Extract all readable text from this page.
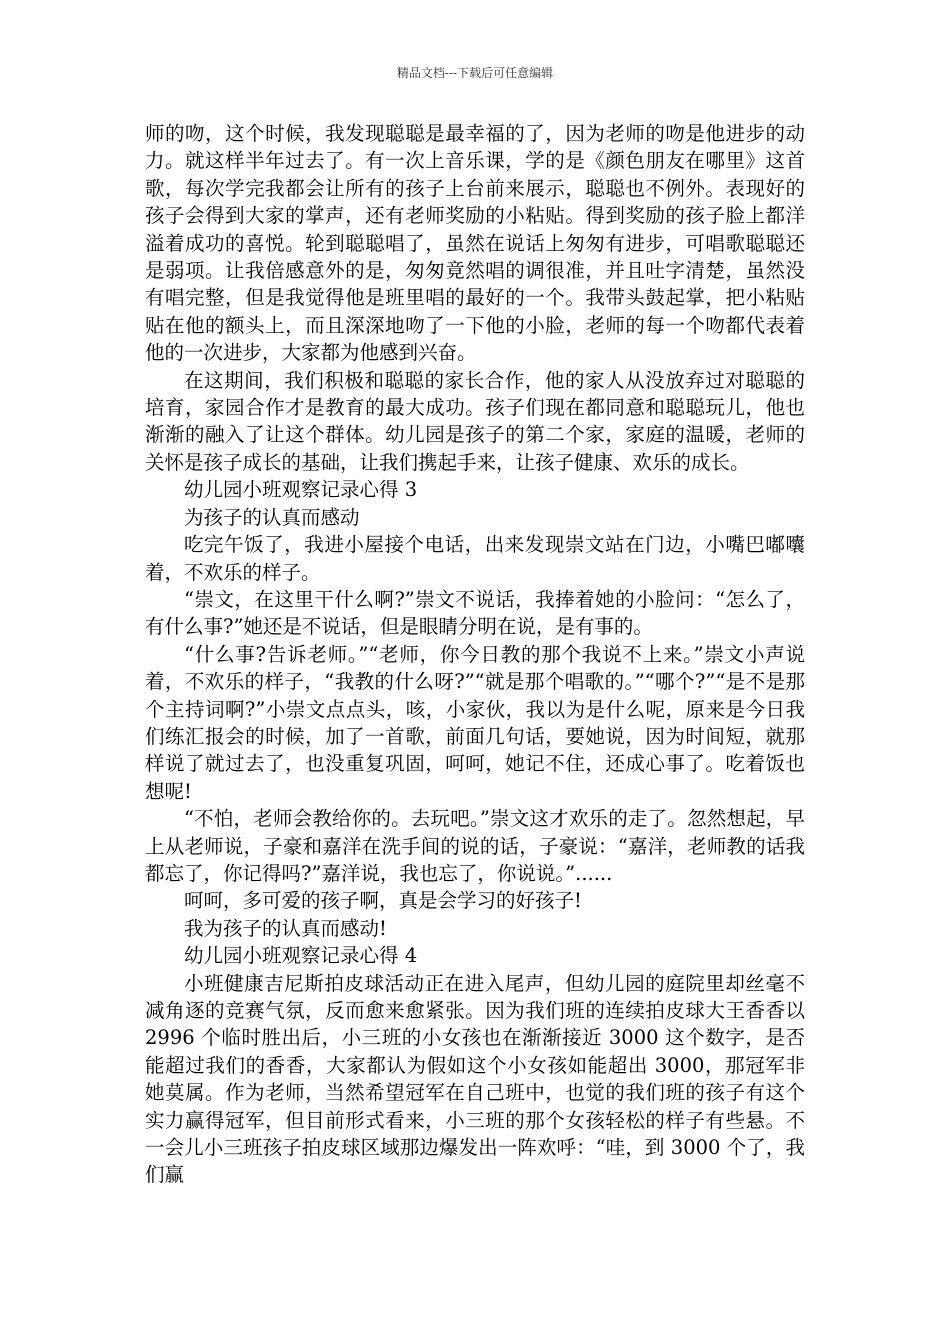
精品文档---下载后可任意编辑

师的吻，这个时候，我发现聪聪是最幸福的了，因为老师的吻是他进步的动力。就这样半年过去了。有一次上音乐课，学的是《颜色朋友在哪里》这首歌，每次学完我都会让所有的孩子上台前来展示，聪聪也不例外。表现好的孩子会得到大家的掌声，还有老师奖励的小粘贴。得到奖励的孩子脸上都洋溢着成功的喜悦。轮到聪聪唱了，虽然在说话上匆匆有进步，可唱歌聪聪还是弱项。让我倍感意外的是，匆匆竟然唱的调很准，并且吐字清楚，虽然没有唱完整，但是我觉得他是班里唱的最好的一个。我带头鼓起掌，把小粘贴贴在他的额头上，而且深深地吻了一下他的小脸，老师的每一个吻都代表着他的一次进步，大家都为他感到兴奋。

在这期间，我们积极和聪聪的家长合作，他的家人从没放弃过对聪聪的培育，家园合作才是教育的最大成功。孩子们现在都同意和聪聪玩儿，他也渐渐的融入了让这个群体。幼儿园是孩子的第二个家，家庭的温暖，老师的关怀是孩子成长的基础，让我们携起手来，让孩子健康、欢乐的成长。

幼儿园小班观察记录心得 3

为孩子的认真而感动

吃完午饭了，我进小屋接个电话，出来发现崇文站在门边，小嘴巴嘟囔着，不欢乐的样子。

“崇文，在这里干什么啊?”崇文不说话，我捧着她的小脸问：“怎么了，有什么事?”她还是不说话，但是眼睛分明在说，是有事的。

“什么事?告诉老师。”“老师，你今日教的那个我说不上来。”崇文小声说着，不欢乐的样子，“我教的什么呀?”“就是那个唱歌的。”“哪个?”“是不是那个主持词啊?”小崇文点点头，咳，小家伙，我以为是什么呢，原来是今日我们练汇报会的时候，加了一首歌，前面几句话，要她说，因为时间短，就那样说了就过去了，也没重复巩固，呵呵，她记不住，还成心事了。吃着饭也想呢!

“不怕，老师会教给你的。去玩吧。”崇文这才欢乐的走了。忽然想起，早上从老师说，子豪和嘉洋在洗手间的说的话，子豪说：“嘉洋，老师教的话我都忘了，你记得吗?”嘉洋说，我也忘了，你说说。”......

呵呵，多可爱的孩子啊，真是会学习的好孩子!

我为孩子的认真而感动!

幼儿园小班观察记录心得 4

小班健康吉尼斯拍皮球活动正在进入尾声，但幼儿园的庭院里却丝毫不减角逐的竞赛气氛，反而愈来愈紧张。因为我们班的连续拍皮球大王香香以 2996 个临时胜出后，小三班的小女孩也在渐渐接近 3000 这个数字，是否能超过我们的香香，大家都认为假如这个小女孩如能超出 3000，那冠军非她莫属。作为老师，当然希望冠军在自己班中，也觉的我们班的孩子有这个实力赢得冠军，但目前形式看来，小三班的那个女孩轻松的样子有些悬。不一会儿小三班孩子拍皮球区域那边爆发出一阵欢呼：“哇，到 3000 个了，我们赢
